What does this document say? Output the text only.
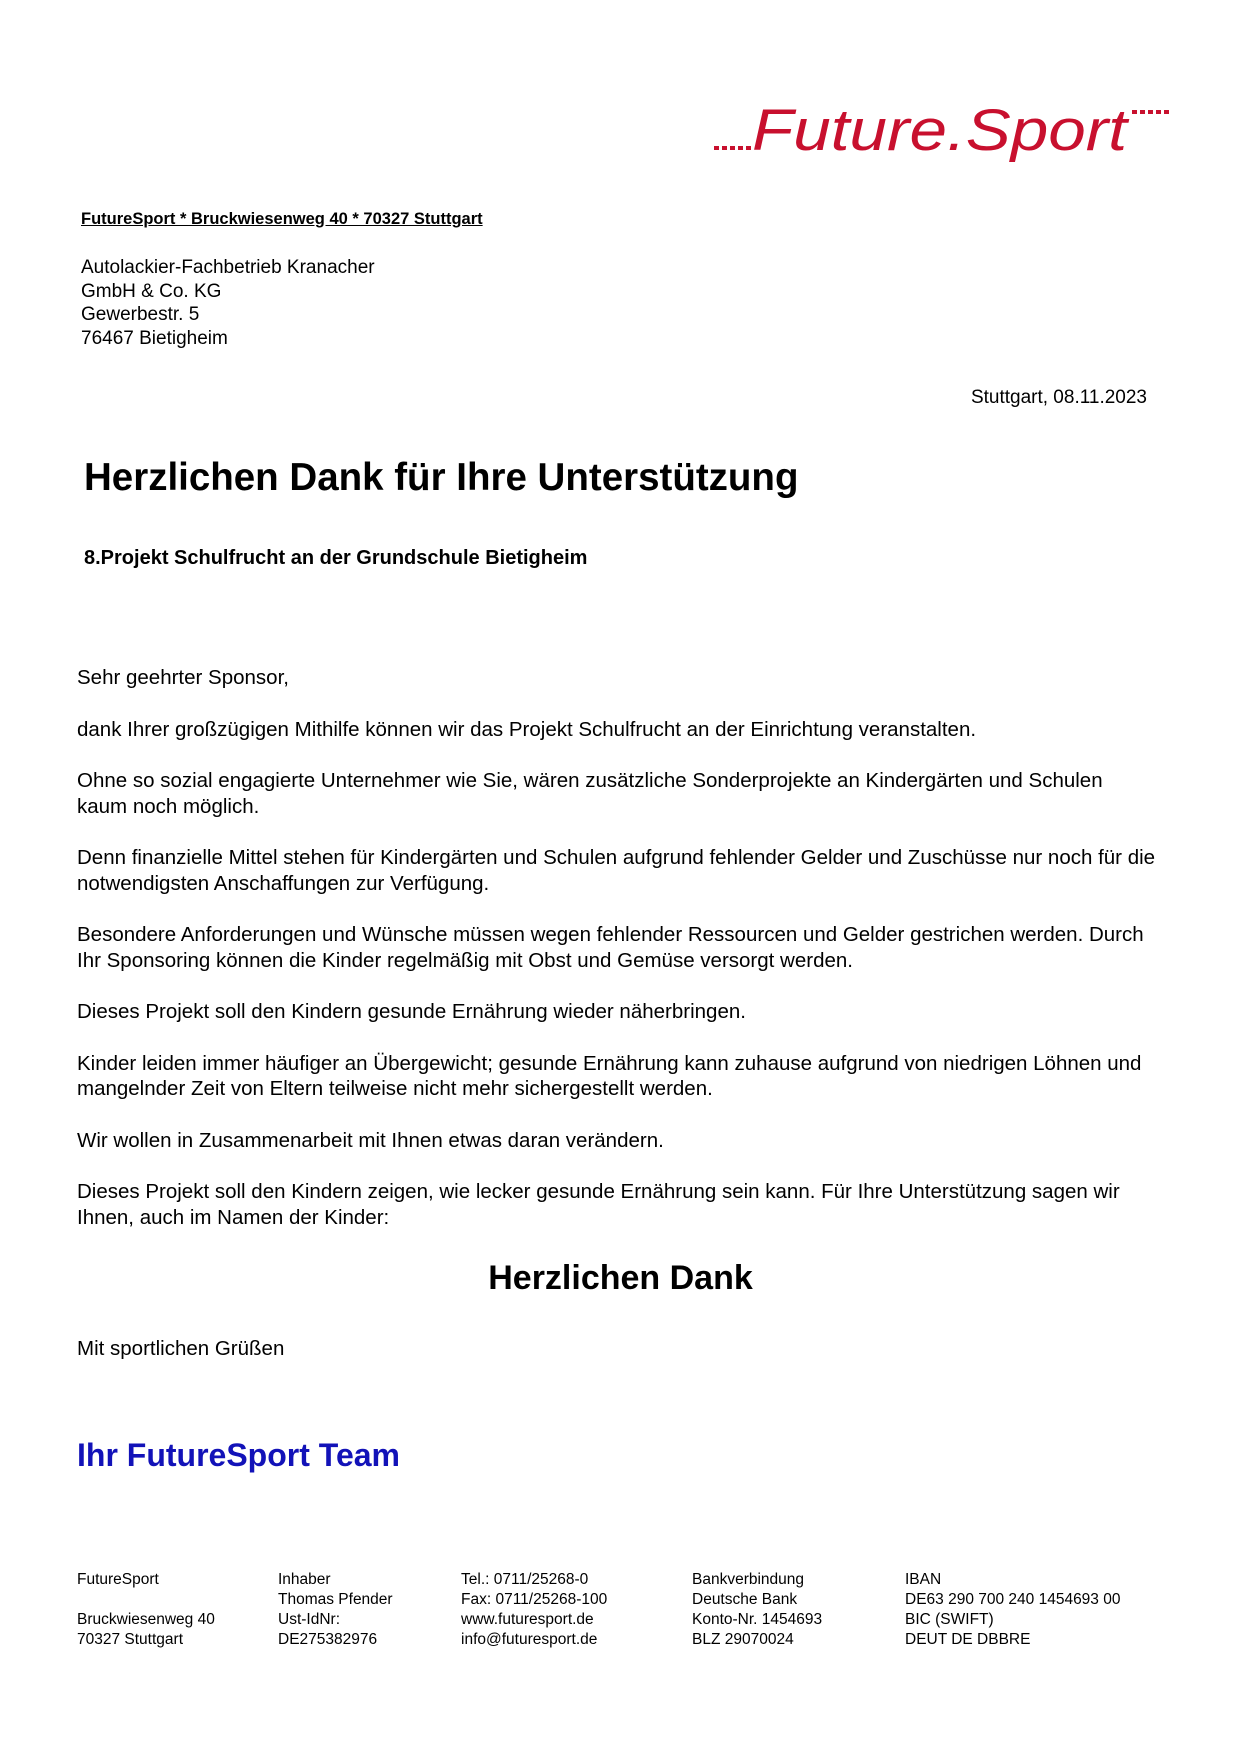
Future.Sport
FutureSport * Bruckwiesenweg 40 * 70327 Stuttgart
Autolackier-Fachbetrieb Kranacher
GmbH & Co. KG
Gewerbestr. 5
76467 Bietigheim
Stuttgart, 08.11.2023
Herzlichen Dank für Ihre Unterstützung
8.Projekt Schulfrucht an der Grundschule Bietigheim

Sehr geehrter Sponsor,

dank Ihrer großzügigen Mithilfe können wir das Projekt Schulfrucht an der Einrichtung veranstalten.

Ohne so sozial engagierte Unternehmer wie Sie, wären zusätzliche Sonderprojekte an Kindergärten und Schulen kaum noch möglich.

Denn finanzielle Mittel stehen für Kindergärten und Schulen aufgrund fehlender Gelder und Zuschüsse nur noch für die notwendigsten Anschaffungen zur Verfügung.

Besondere Anforderungen und Wünsche müssen wegen fehlender Ressourcen und Gelder gestrichen werden. Durch Ihr Sponsoring können die Kinder regelmäßig mit Obst und Gemüse versorgt werden.

Dieses Projekt soll den Kindern gesunde Ernährung wieder näherbringen.

Kinder leiden immer häufiger an Übergewicht; gesunde Ernährung kann zuhause aufgrund von niedrigen Löhnen und mangelnder Zeit von Eltern teilweise nicht mehr sichergestellt werden.

Wir wollen in Zusammenarbeit mit Ihnen etwas daran verändern.

Dieses Projekt soll den Kindern zeigen, wie lecker gesunde Ernährung sein kann. Für Ihre Unterstützung sagen wir Ihnen, auch im Namen der Kinder:

Herzlichen Dank
Mit sportlichen Grüßen
Ihr FutureSport Team
FutureSport
Bruckwiesenweg 40
70327 Stuttgart
Inhaber
Thomas Pfender
Ust-IdNr:
DE275382976
Tel.: 0711/25268-0
Fax: 0711/25268-100
www.futuresport.de
info@futuresport.de
Bankverbindung
Deutsche Bank
Konto-Nr. 1454693
BLZ 29070024
IBAN
DE63 290 700 240 1454693 00
BIC (SWIFT)
DEUT DE DBBRE
